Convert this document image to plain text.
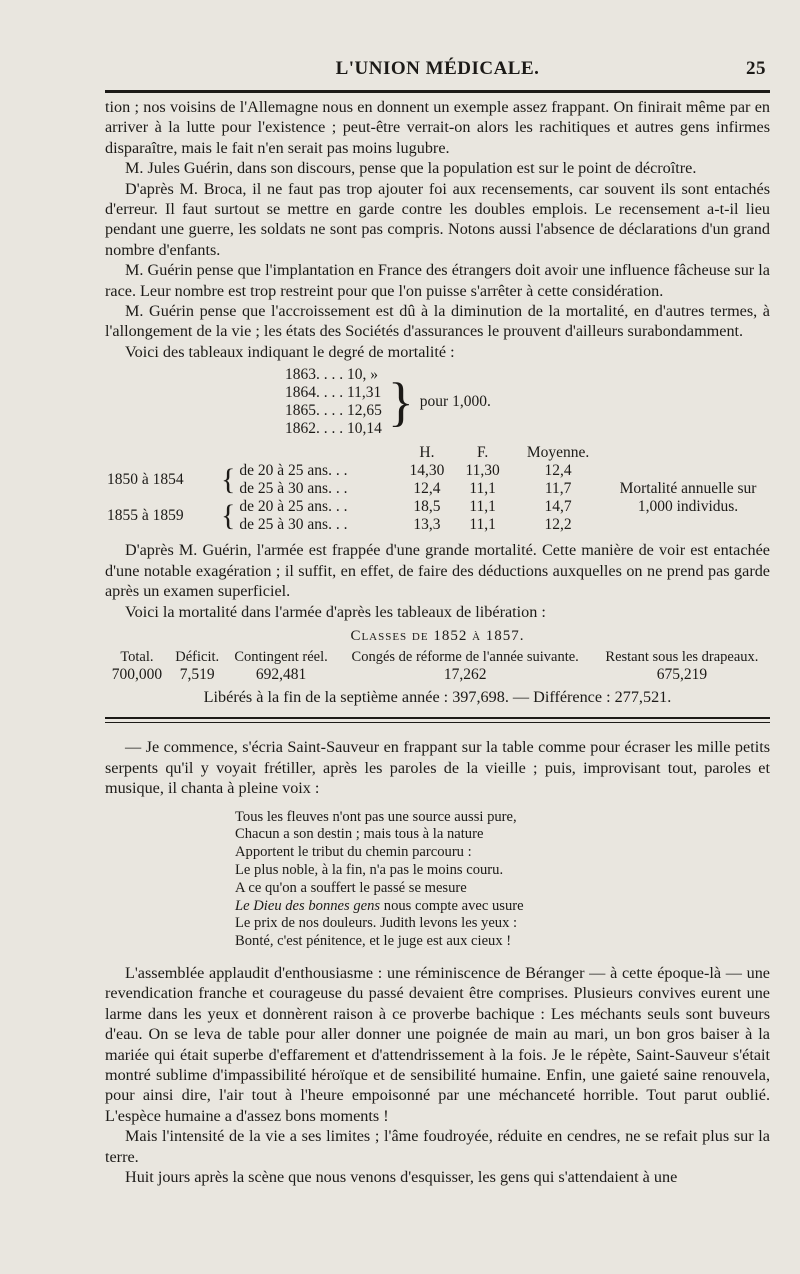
L'UNION MÉDICALE.	25

tion ; nos voisins de l'Allemagne nous en donnent un exemple assez frappant. On finirait même par en arriver à la lutte pour l'existence ; peut-être verrait-on alors les rachitiques et autres gens infirmes disparaître, mais le fait n'en serait pas moins lugubre.

M. Jules Guérin, dans son discours, pense que la population est sur le point de décroître.

D'après M. Broca, il ne faut pas trop ajouter foi aux recensements, car souvent ils sont entachés d'erreur. Il faut surtout se mettre en garde contre les doubles emplois. Le recensement a-t-il lieu pendant une guerre, les soldats ne sont pas compris. Notons aussi l'absence de déclarations d'un grand nombre d'enfants.

M. Guérin pense que l'implantation en France des étrangers doit avoir une influence fâcheuse sur la race. Leur nombre est trop restreint pour que l'on puisse s'arrêter à cette considération.

M. Guérin pense que l'accroissement est dû à la diminution de la mortalité, en d'autres termes, à l'allongement de la vie ; les états des Sociétés d'assurances le prouvent d'ailleurs surabondamment.

Voici des tableaux indiquant le degré de mortalité :

1863. . . . 10, »
1864. . . . 11,31
1865. . . . 12,65
1862. . . . 10,14 } pour 1,000.
			H.	F.	Moyenne.	
1850 à 1854	{	de 20 à 25 ans. . .	14,30	11,30	12,4	Mortalité annuelle sur
1,000 individus.
		de 25 à 30 ans. . .	12,4	11,1	11,7	
1855 à 1859	{	de 20 à 25 ans. . .	18,5	11,1	14,7	
		de 25 à 30 ans. . .	13,3	11,1	12,2	

D'après M. Guérin, l'armée est frappée d'une grande mortalité. Cette manière de voir est entachée d'une notable exagération ; il suffit, en effet, de faire des déductions auxquelles on ne prend pas garde après un examen superficiel.

Voici la mortalité dans l'armée d'après les tableaux de libération :

Classes de 1852 à 1857.
Total.	Déficit.	Contingent réel.	Congés de réforme de l'année suivante.	Restant sous les drapeaux.
700,000	7,519	692,481	17,262	675,219

Libérés à la fin de la septième année : 397,698. — Différence : 277,521.

— Je commence, s'écria Saint-Sauveur en frappant sur la table comme pour écraser les mille petits serpents qu'il y voyait frétiller, après les paroles de la vieille ; puis, improvisant tout, paroles et musique, il chanta à pleine voix :

Tous les fleuves n'ont pas une source aussi pure,
Chacun a son destin ; mais tous à la nature
Apportent le tribut du chemin parcouru :
Le plus noble, à la fin, n'a pas le moins couru.
A ce qu'on a souffert le passé se mesure
Le Dieu des bonnes gens nous compte avec usure
Le prix de nos douleurs. Judith levons les yeux :
Bonté, c'est pénitence, et le juge est aux cieux !

L'assemblée applaudit d'enthousiasme : une réminiscence de Béranger — à cette époque-là — une revendication franche et courageuse du passé devaient être comprises. Plusieurs convives eurent une larme dans les yeux et donnèrent raison à ce proverbe bachique : Les méchants seuls sont buveurs d'eau. On se leva de table pour aller donner une poignée de main au mari, un bon gros baiser à la mariée qui était superbe d'effarement et d'attendrissement à la fois. Je le répète, Saint-Sauveur s'était montré sublime d'impassibilité héroïque et de sensibilité humaine. Enfin, une gaieté saine renouvela, pour ainsi dire, l'air tout à l'heure empoisonné par une méchanceté horrible. Tout parut oublié. L'espèce humaine a d'assez bons moments !

Mais l'intensité de la vie a ses limites ; l'âme foudroyée, réduite en cendres, ne se refait plus sur la terre.

Huit jours après la scène que nous venons d'esquisser, les gens qui s'attendaient à une
